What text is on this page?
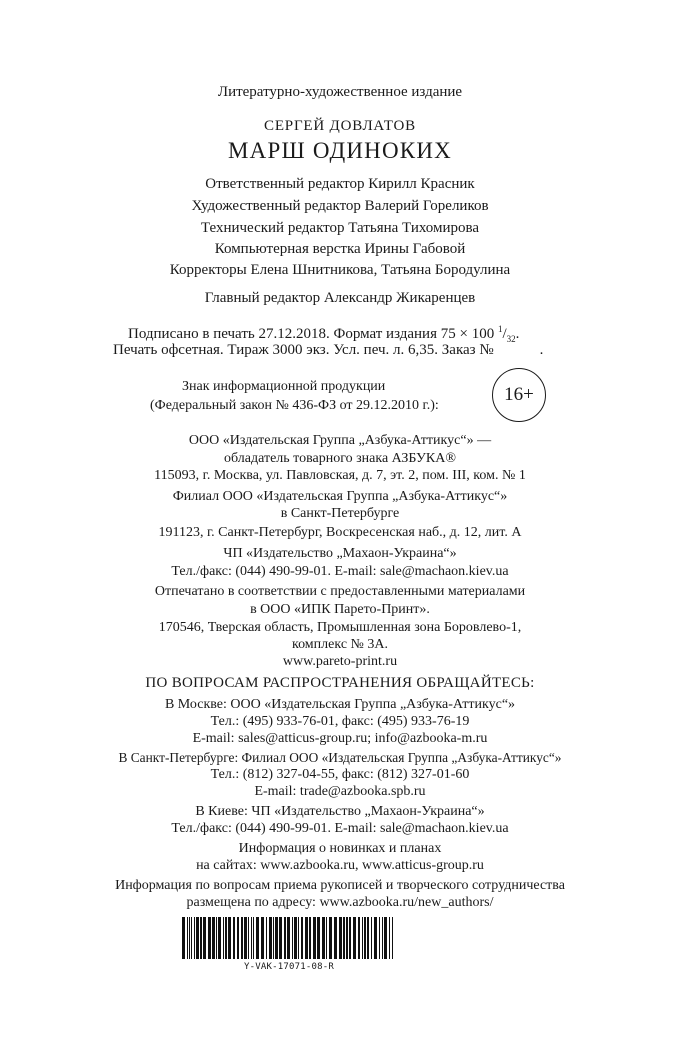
Литературно-художественное издание
СЕРГЕЙ ДОВЛАТОВ
МАРШ ОДИНОКИХ
Ответственный редактор Кирилл Красник
Художественный редактор Валерий Гореликов
Технический редактор Татьяна Тихомирова
Компьютерная верстка Ирины Габовой
Корректоры Елена Шнитникова, Татьяна Бородулина
Главный редактор Александр Жикаренцев
Подписано в печать 27.12.2018. Формат издания 75 × 100 $^1/_{32}$.
Печать офсетная. Тираж 3000 экз. Усл. печ. л. 6,35. Заказ №	.
Знак информационной продукции
(Федеральный закон № 436-ФЗ от 29.12.2010 г.):
16+
ООО «Издательская Группа „Азбука-Аттикус“» —
обладатель товарного знака АЗБУКА®
115093, г. Москва, ул. Павловская, д. 7, эт. 2, пом. III, ком. № 1
Филиал ООО «Издательская Группа „Азбука-Аттикус“»
в Санкт-Петербурге
191123, г. Санкт-Петербург, Воскресенская наб., д. 12, лит. А
ЧП «Издательство „Махаон-Украина“»
Тел./факс: (044) 490-99-01. E-mail: sale@machaon.kiev.ua
Отпечатано в соответствии с предоставленными материалами
в ООО «ИПК Парето-Принт».
170546, Тверская область, Промышленная зона Боровлево-1,
комплекс № 3А.
www.pareto-print.ru
ПО ВОПРОСАМ РАСПРОСТРАНЕНИЯ ОБРАЩАЙТЕСЬ:
В Москве: ООО «Издательская Группа „Азбука-Аттикус“»
Тел.: (495) 933-76-01, факс: (495) 933-76-19
E-mail: sales@atticus-group.ru; info@azbooka-m.ru
В Санкт-Петербурге: Филиал ООО «Издательская Группа „Азбука-Аттикус“»
Тел.: (812) 327-04-55, факс: (812) 327-01-60
E-mail: trade@azbooka.spb.ru
В Киеве: ЧП «Издательство „Махаон-Украина“»
Тел./факс: (044) 490-99-01. E-mail: sale@machaon.kiev.ua
Информация о новинках и планах
на сайтах: www.azbooka.ru, www.atticus-group.ru
Информация по вопросам приема рукописей и творческого сотрудничества
размещена по адресу: www.azbooka.ru/new_authors/
Y-VAK-17071-08-R
